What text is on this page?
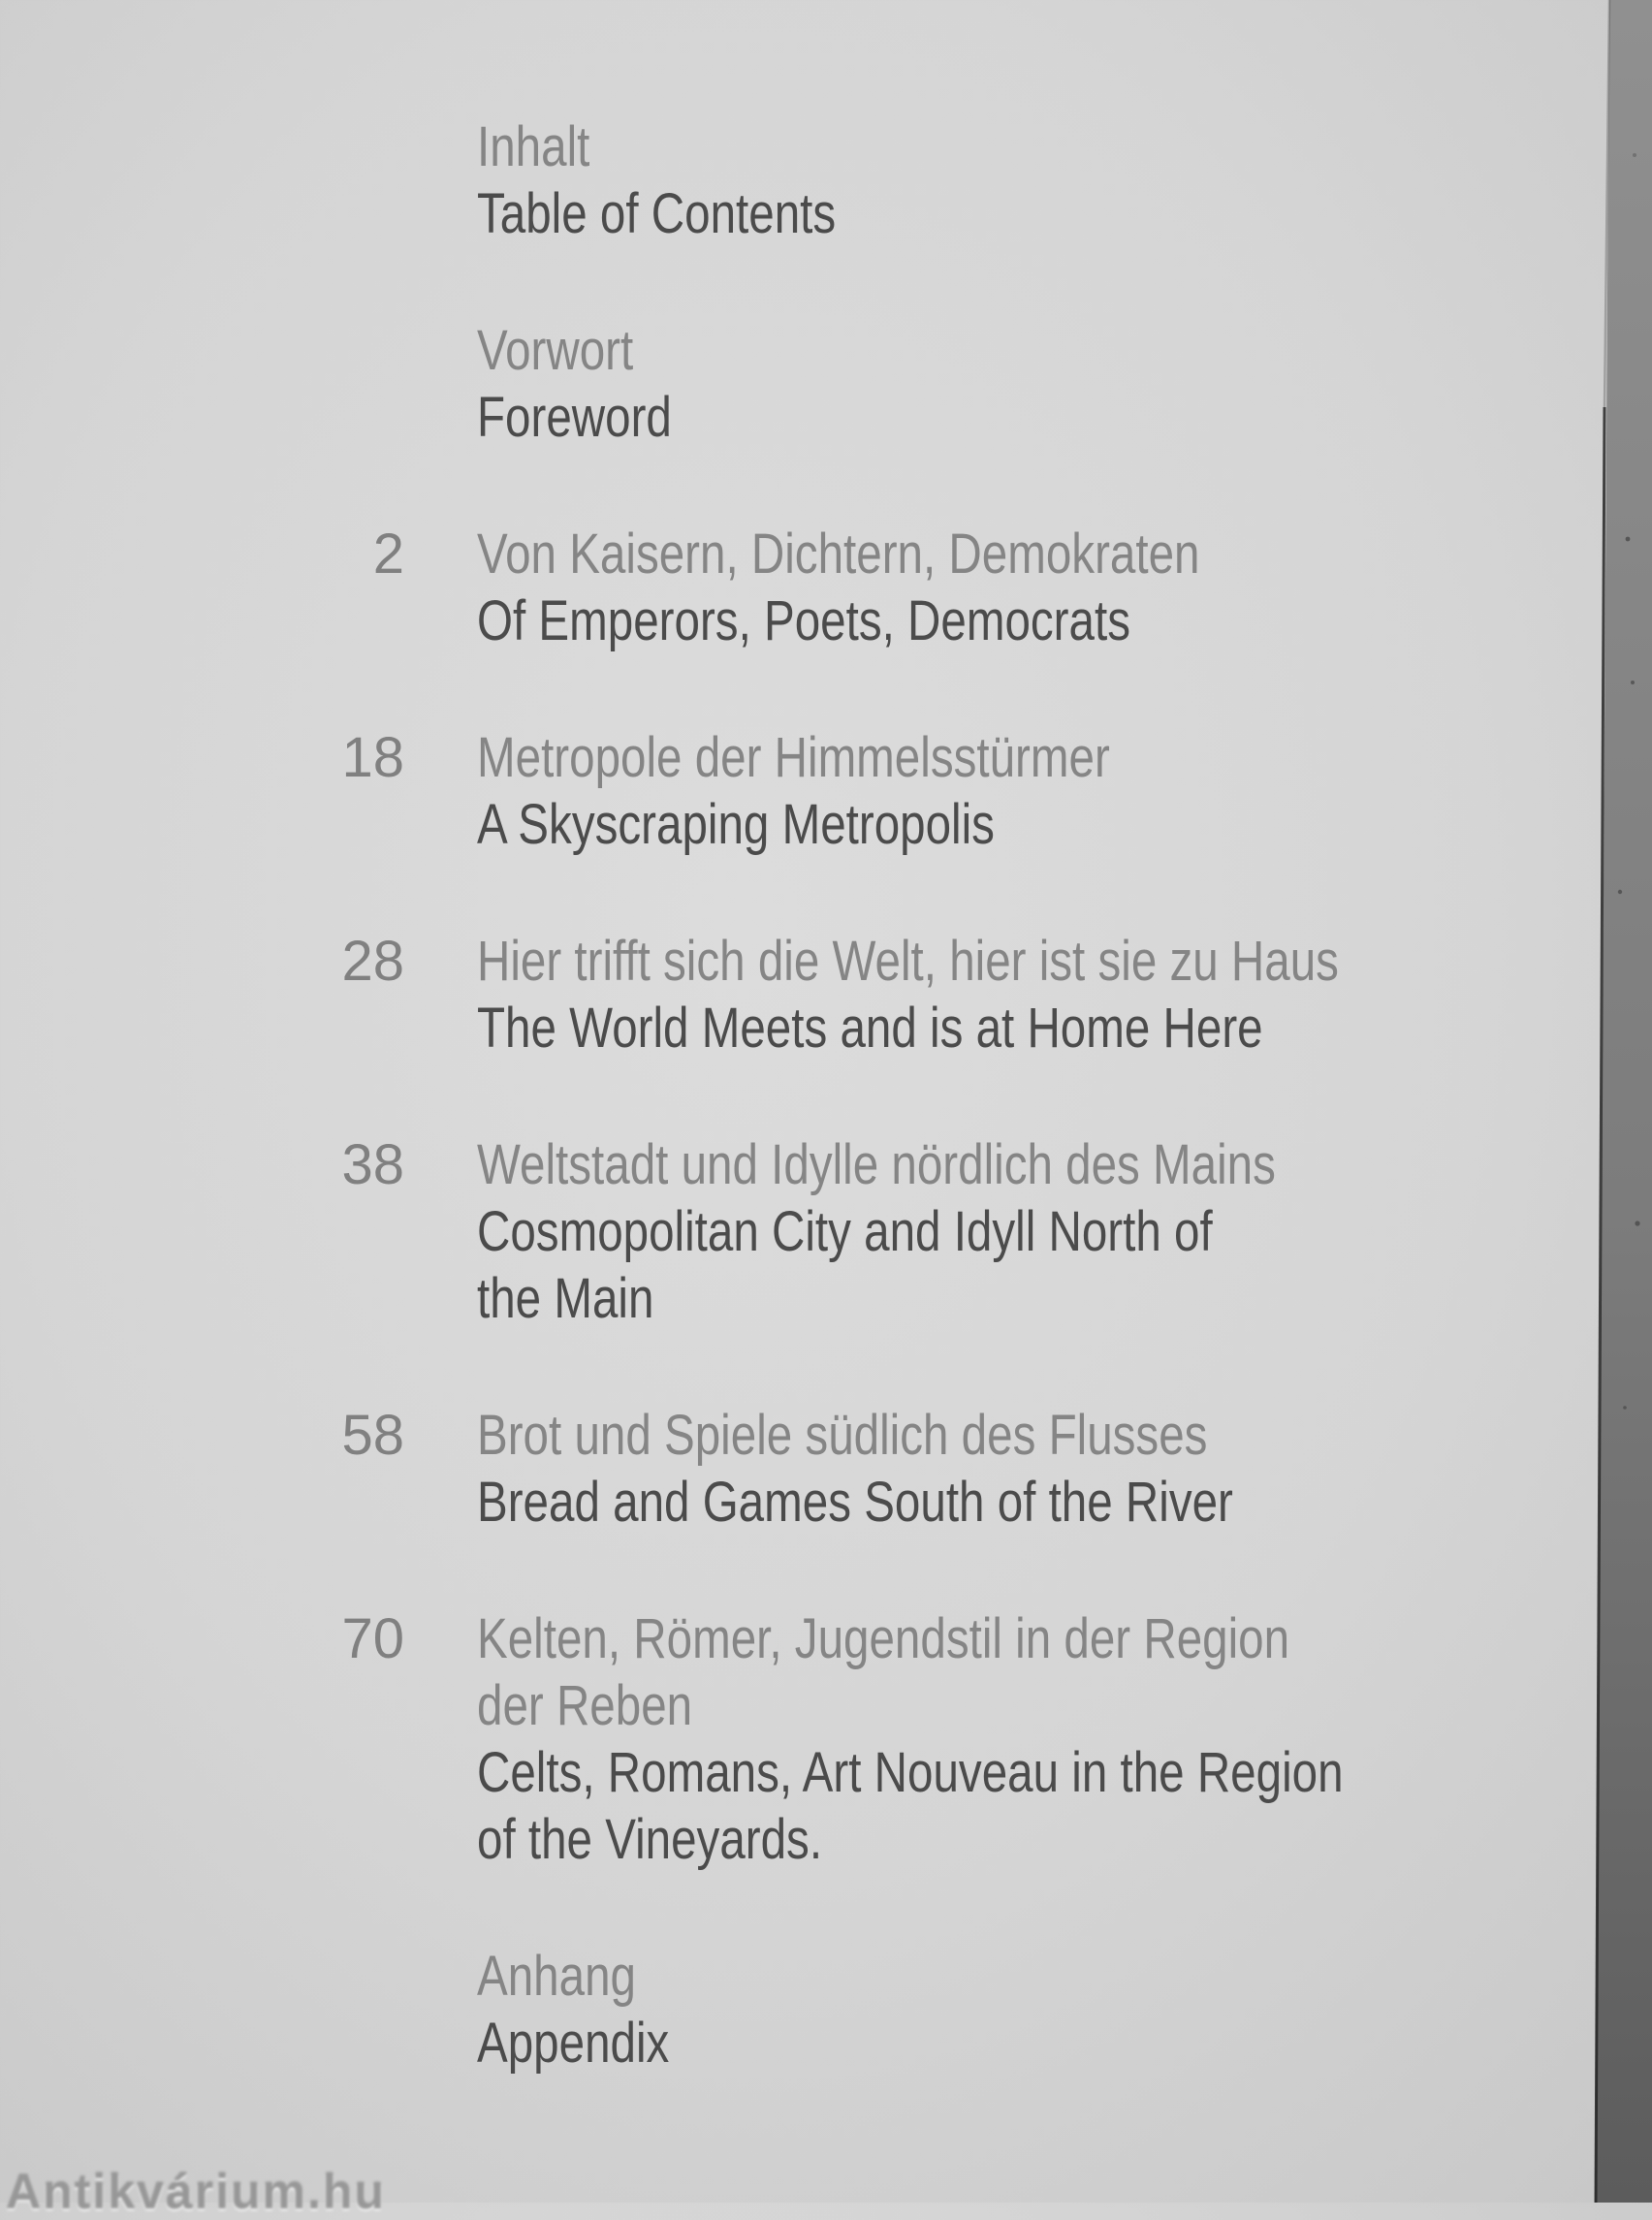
Inhalt
Table of Contents
Vorwort
Foreword
2	Von Kaisern, Dichtern, Demokraten
Of Emperors, Poets, Democrats
18	Metropole der Himmelsstürmer
A Skyscraping Metropolis
28	Hier trifft sich die Welt, hier ist sie zu Haus
The World Meets and is at Home Here
38	Weltstadt und Idylle nördlich des Mains
Cosmopolitan City and Idyll North of
the Main
58	Brot und Spiele südlich des Flusses
Bread and Games South of the River
70	Kelten, Römer, Jugendstil in der Region
der Reben
Celts, Romans, Art Nouveau in the Region
of the Vineyards.
Anhang
Appendix
Antikvárium.hu
